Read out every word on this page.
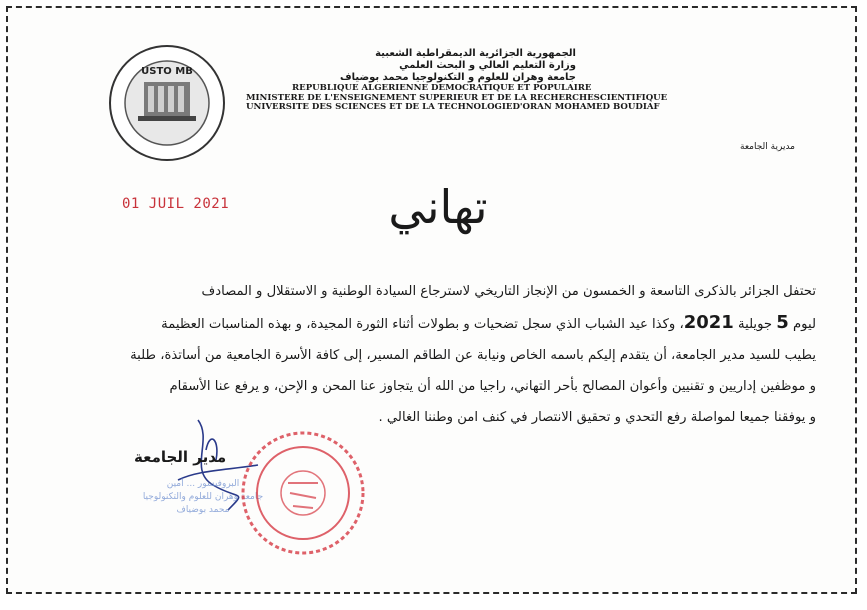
USTO MB
الجمهورية الجزائرية الديمقراطية الشعبية
وزارة التعليم العالي و البحث العلمي
جامعة وهران للعلوم و التكنولوجيا محمد بوضياف
REPUBLIQUE ALGERIENNE DEMOCRATIQUE ET POPULAIRE
MINISTERE DE L'ENSEIGNEMENT SUPERIEUR ET DE LA RECHERCHESCIENTIFIQUE
UNIVERSITE DES SCIENCES ET DE LA TECHNOLOGIED'ORAN MOHAMED BOUDIAF
مديرية الجامعة
01 JUIL 2021	تهاني

تحتفل الجزائر بالذكرى التاسعة و الخمسون من الإنجاز التاريخي لاسترجاع السيادة الوطنية و الاستقلال و المصادف

ليوم 5 جويلية 2021، وكذا عيد الشباب الذي سجل تضحيات و بطولات أثناء الثورة المجيدة، و بهذه المناسبات العظيمة

يطيب للسيد مدير الجامعة، أن يتقدم إليكم باسمه الخاص ونيابة عن الطاقم المسير، إلى كافة الأسرة الجامعية من أساتذة، طلبة

و موظفين إداريين و تقنيين وأعوان المصالح بأحر التهاني، راجيا من الله أن يتجاوز عنا المحن و الإحن، و يرفع عنا الأسقام

و يوفقنا جميعا لمواصلة رفع التحدي و تحقيق الانتصار في كنف امن وطننا الغالي .

مدير الجامعة
البروفيسور ... أمين
جامعة وهران للعلوم والتكنولوجيا
محمد بوضياف
